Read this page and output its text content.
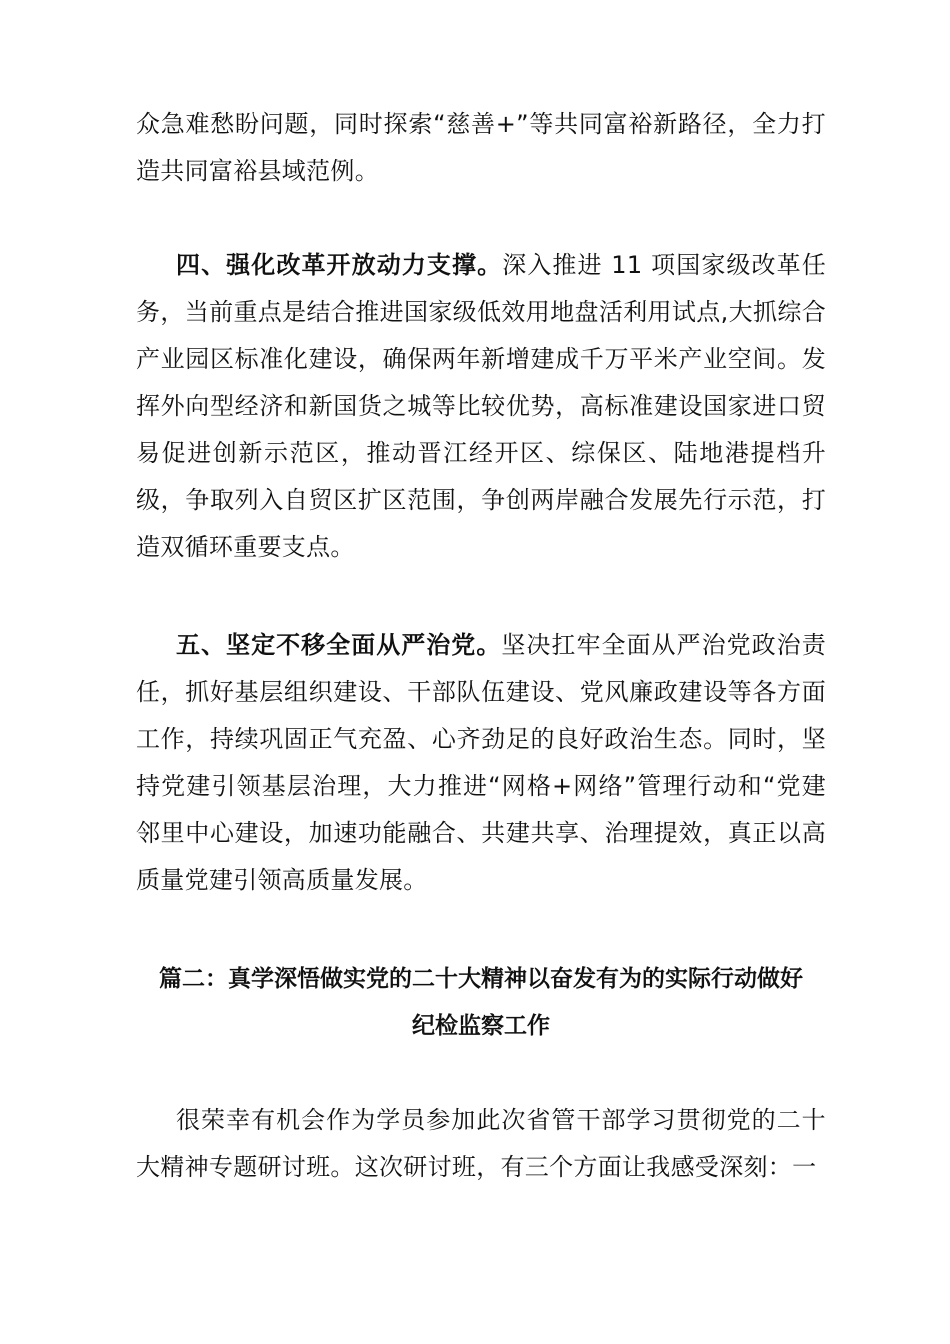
众急难愁盼问题，同时探索“慈善+”等共同富裕新路径，全力打造共同富裕县域范例。

四、强化改革开放动力支撑。深入推进 11 项国家级改革任务，当前重点是结合推进国家级低效用地盘活利用试点,大抓综合产业园区标准化建设，确保两年新增建成千万平米产业空间。发挥外向型经济和新国货之城等比较优势，高标准建设国家进口贸易促进创新示范区，推动晋江经开区、综保区、陆地港提档升级，争取列入自贸区扩区范围，争创两岸融合发展先行示范，打造双循环重要支点。

五、坚定不移全面从严治党。坚决扛牢全面从严治党政治责任，抓好基层组织建设、干部队伍建设、党风廉政建设等各方面工作，持续巩固正气充盈、心齐劲足的良好政治生态。同时，坚持党建引领基层治理，大力推进“网格+网络”管理行动和“党建邻里中心建设，加速功能融合、共建共享、治理提效，真正以高质量党建引领高质量发展。

篇二：真学深悟做实党的二十大精神以奋发有为的实际行动做好
纪检监察工作

很荣幸有机会作为学员参加此次省管干部学习贯彻党的二十大精神专题研讨班。这次研讨班，有三个方面让我感受深刻：一
